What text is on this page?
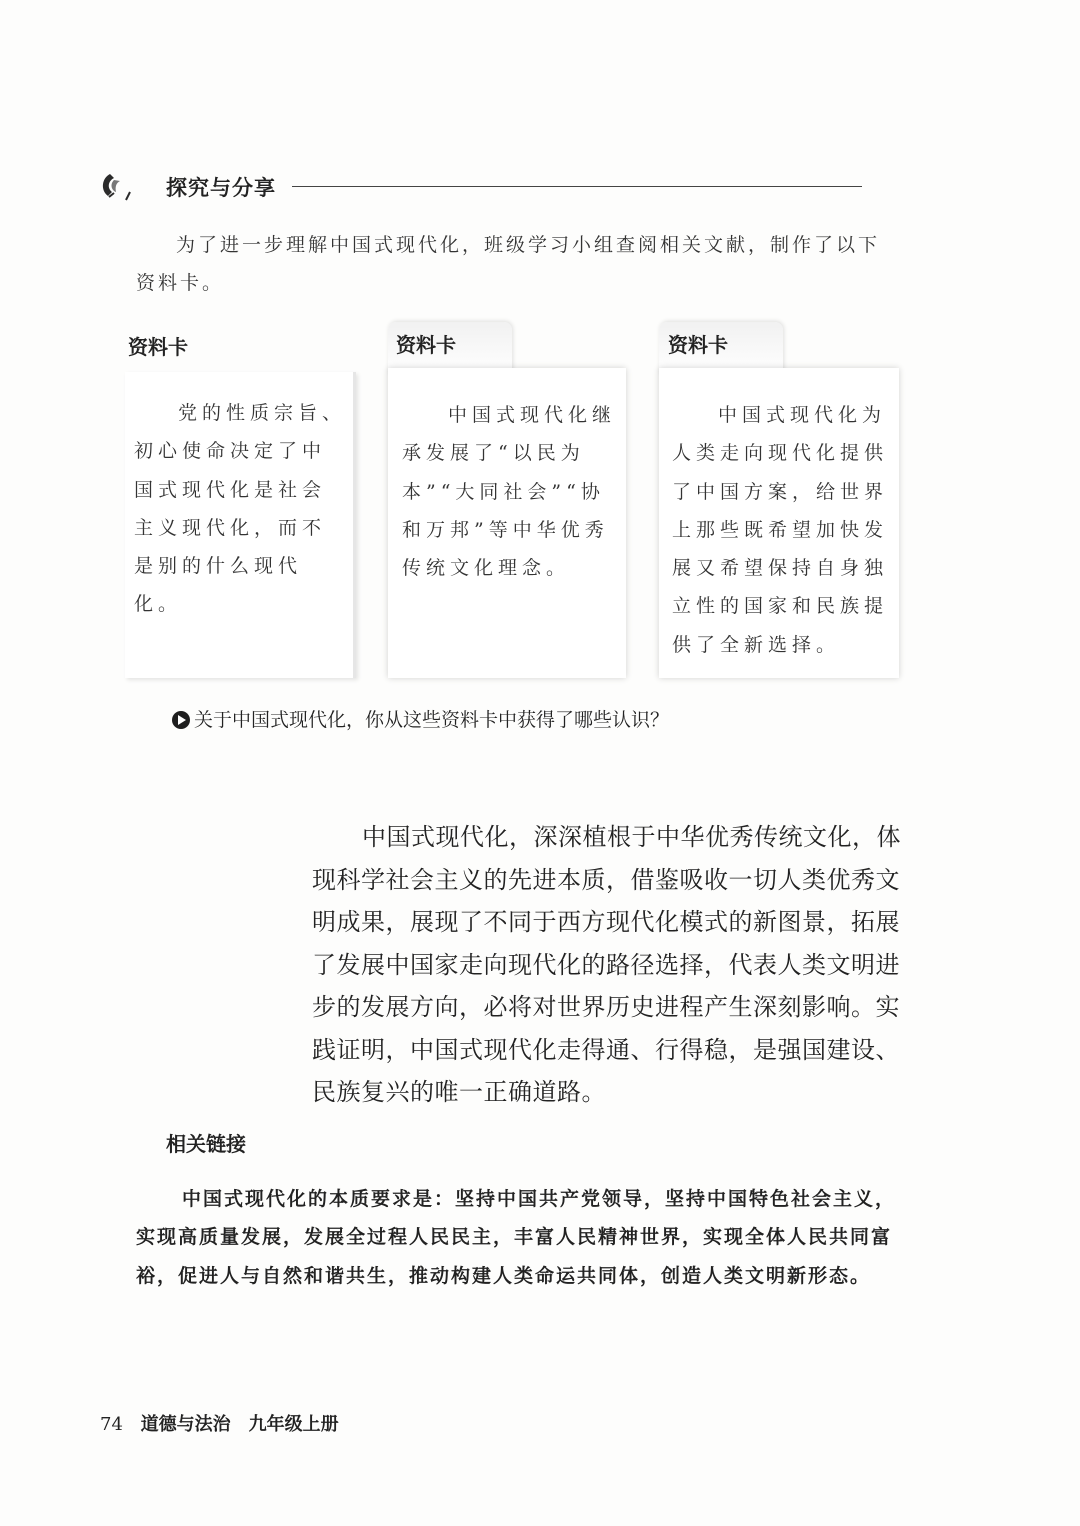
探究与分享
为了进一步理解中国式现代化，班级学习小组查阅相关文献，制作了以下资料卡。
资料卡
党的性质宗旨、初心使命决定了中国式现代化是社会主义现代化，而不是别的什么现代化。
资料卡
中国式现代化继承发展了“以民为本”“大同社会”“协和万邦”等中华优秀传统文化理念。
资料卡
中国式现代化为人类走向现代化提供了中国方案，给世界上那些既希望加快发展又希望保持自身独立性的国家和民族提供了全新选择。
关于中国式现代化，你从这些资料卡中获得了哪些认识？
中国式现代化，深深植根于中华优秀传统文化，体现科学社会主义的先进本质，借鉴吸收一切人类优秀文明成果，展现了不同于西方现代化模式的新图景，拓展了发展中国家走向现代化的路径选择，代表人类文明进步的发展方向，必将对世界历史进程产生深刻影响。实践证明，中国式现代化走得通、行得稳，是强国建设、民族复兴的唯一正确道路。
相关链接
中国式现代化的本质要求是：坚持中国共产党领导，坚持中国特色社会主义，实现高质量发展，发展全过程人民民主，丰富人民精神世界，实现全体人民共同富裕，促进人与自然和谐共生，推动构建人类命运共同体，创造人类文明新形态。
74 道德与法治　九年级上册
